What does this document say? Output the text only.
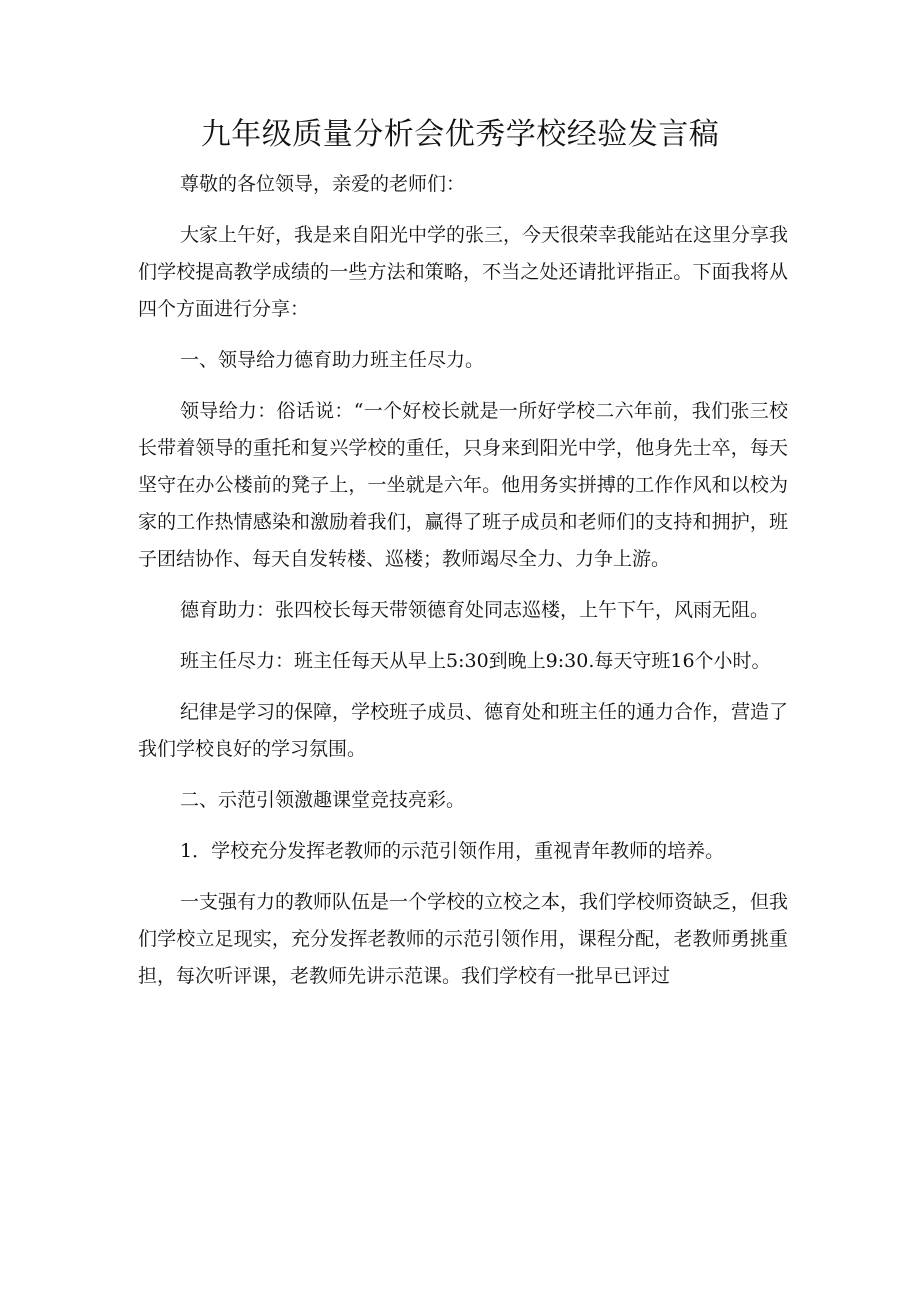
九年级质量分析会优秀学校经验发言稿

尊敬的各位领导，亲爱的老师们：

大家上午好，我是来自阳光中学的张三，今天很荣幸我能站在这里分享我们学校提高教学成绩的一些方法和策略，不当之处还请批评指正。下面我将从四个方面进行分享：

一、领导给力德育助力班主任尽力。

领导给力：俗话说：“一个好校长就是一所好学校二六年前，我们张三校长带着领导的重托和复兴学校的重任，只身来到阳光中学，他身先士卒，每天坚守在办公楼前的凳子上，一坐就是六年。他用务实拼搏的工作作风和以校为家的工作热情感染和激励着我们，赢得了班子成员和老师们的支持和拥护，班子团结协作、每天自发转楼、巡楼；教师竭尽全力、力争上游。

德育助力：张四校长每天带领德育处同志巡楼，上午下午，风雨无阻。

班主任尽力：班主任每天从早上5:30到晚上9:30.每天守班16个小时。

纪律是学习的保障，学校班子成员、德育处和班主任的通力合作，营造了我们学校良好的学习氛围。

二、示范引领激趣课堂竞技亮彩。

1．学校充分发挥老教师的示范引领作用，重视青年教师的培养。

一支强有力的教师队伍是一个学校的立校之本，我们学校师资缺乏，但我们学校立足现实，充分发挥老教师的示范引领作用，课程分配，老教师勇挑重担，每次听评课，老教师先讲示范课。我们学校有一批早已评过
